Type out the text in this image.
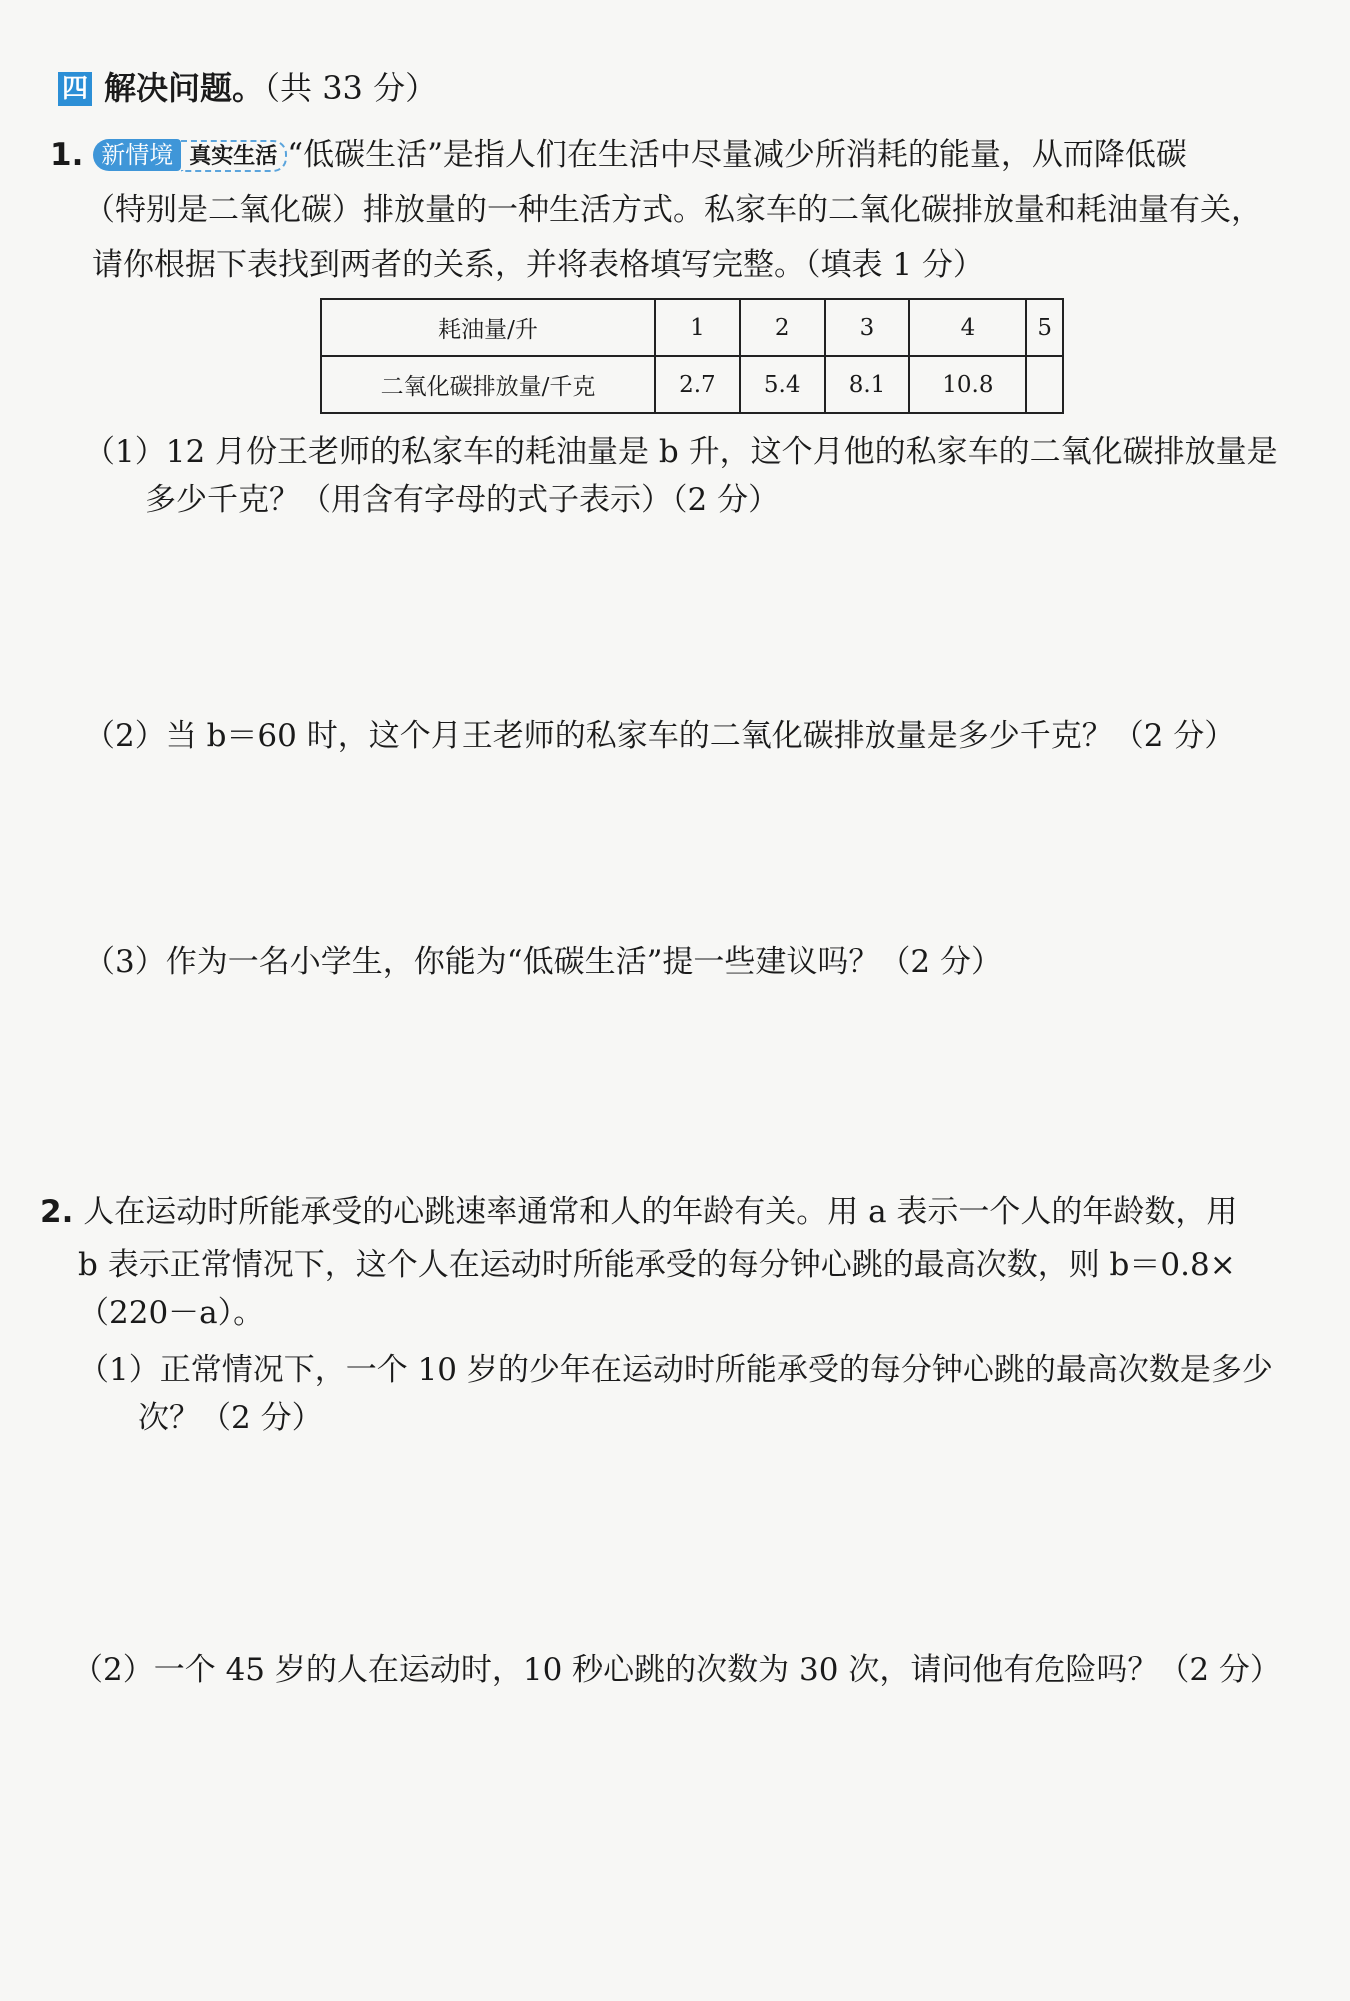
四 解决问题。（共 33 分）
1. 新情境 真实生活 “低碳生活”是指人们在生活中尽量减少所消耗的能量，从而降低碳
（特别是二氧化碳）排放量的一种生活方式。私家车的二氧化碳排放量和耗油量有关，
请你根据下表找到两者的关系，并将表格填写完整。（填表 1 分）
耗油量/升	1	2	3	4	5
二氧化碳排放量/千克	2.7	5.4	8.1	10.8	
（1）12 月份王老师的私家车的耗油量是 b 升，这个月他的私家车的二氧化碳排放量是
多少千克？（用含有字母的式子表示）（2 分）
（2）当 b＝60 时，这个月王老师的私家车的二氧化碳排放量是多少千克？（2 分）
（3）作为一名小学生，你能为“低碳生活”提一些建议吗？（2 分）
2. 人在运动时所能承受的心跳速率通常和人的年龄有关。用 a 表示一个人的年龄数，用
b 表示正常情况下，这个人在运动时所能承受的每分钟心跳的最高次数，则 b＝0.8×
（220－a）。
（1）正常情况下，一个 10 岁的少年在运动时所能承受的每分钟心跳的最高次数是多少
次？（2 分）
（2）一个 45 岁的人在运动时，10 秒心跳的次数为 30 次，请问他有危险吗？（2 分）
